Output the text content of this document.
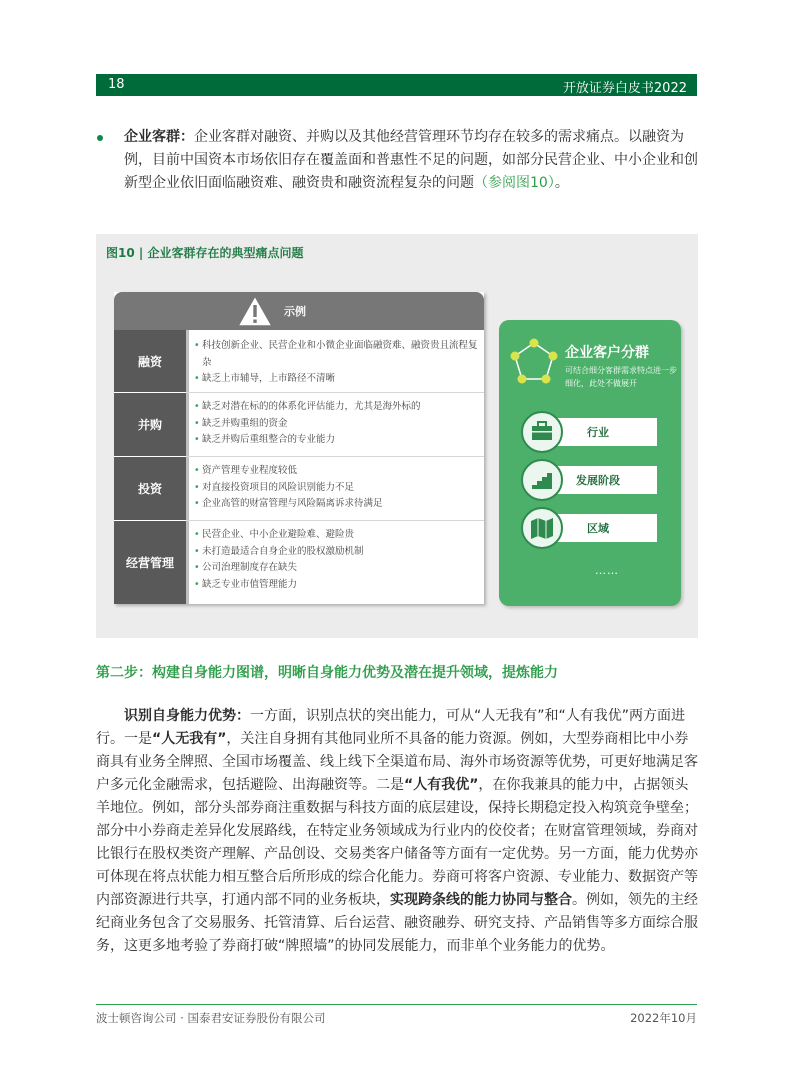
18	开放证券白皮书2022
企业客群：企业客群对融资、并购以及其他经营管理环节均存在较多的需求痛点。以融资为例，目前中国资本市场依旧存在覆盖面和普惠性不足的问题，如部分民营企业、中小企业和创新型企业依旧面临融资难、融资贵和融资流程复杂的问题（参阅图10）。
图10 | 企业客群存在的典型痛点问题
示例
融资
• 科技创新企业、民营企业和小微企业面临融资难、融资贵且流程复杂
• 缺乏上市辅导，上市路径不清晰
并购
• 缺乏对潜在标的的体系化评估能力，尤其是海外标的
• 缺乏并购重组的资金
• 缺乏并购后重组整合的专业能力
投资
• 资产管理专业程度较低
• 对直接投资项目的风险识别能力不足
• 企业高管的财富管理与风险隔离诉求待满足
经营管理
• 民营企业、中小企业避险难、避险贵
• 未打造最适合自身企业的股权激励机制
• 公司治理制度存在缺失
• 缺乏专业市值管理能力
企业客户分群
可结合细分客群需求特点进一步细化，此处不做展开
行业
发展阶段
区域
……
第二步：构建自身能力图谱，明晰自身能力优势及潜在提升领域，提炼能力
识别自身能力优势：一方面，识别点状的突出能力，可从“人无我有”和“人有我优”两方面进行。一是“人无我有”，关注自身拥有其他同业所不具备的能力资源。例如，大型券商相比中小券商具有业务全牌照、全国市场覆盖、线上线下全渠道布局、海外市场资源等优势，可更好地满足客户多元化金融需求，包括避险、出海融资等。二是“人有我优”，在你我兼具的能力中，占据领头羊地位。例如，部分头部券商注重数据与科技方面的底层建设，保持长期稳定投入构筑竞争壁垒；部分中小券商走差异化发展路线，在特定业务领域成为行业内的佼佼者；在财富管理领域，券商对比银行在股权类资产理解、产品创设、交易类客户储备等方面有一定优势。另一方面，能力优势亦可体现在将点状能力相互整合后所形成的综合化能力。券商可将客户资源、专业能力、数据资产等内部资源进行共享，打通内部不同的业务板块，实现跨条线的能力协同与整合。例如，领先的主经纪商业务包含了交易服务、托管清算、后台运营、融资融券、研究支持、产品销售等多方面综合服务，这更多地考验了券商打破“牌照墙”的协同发展能力，而非单个业务能力的优势。
波士顿咨询公司 · 国泰君安证券股份有限公司	2022年10月
